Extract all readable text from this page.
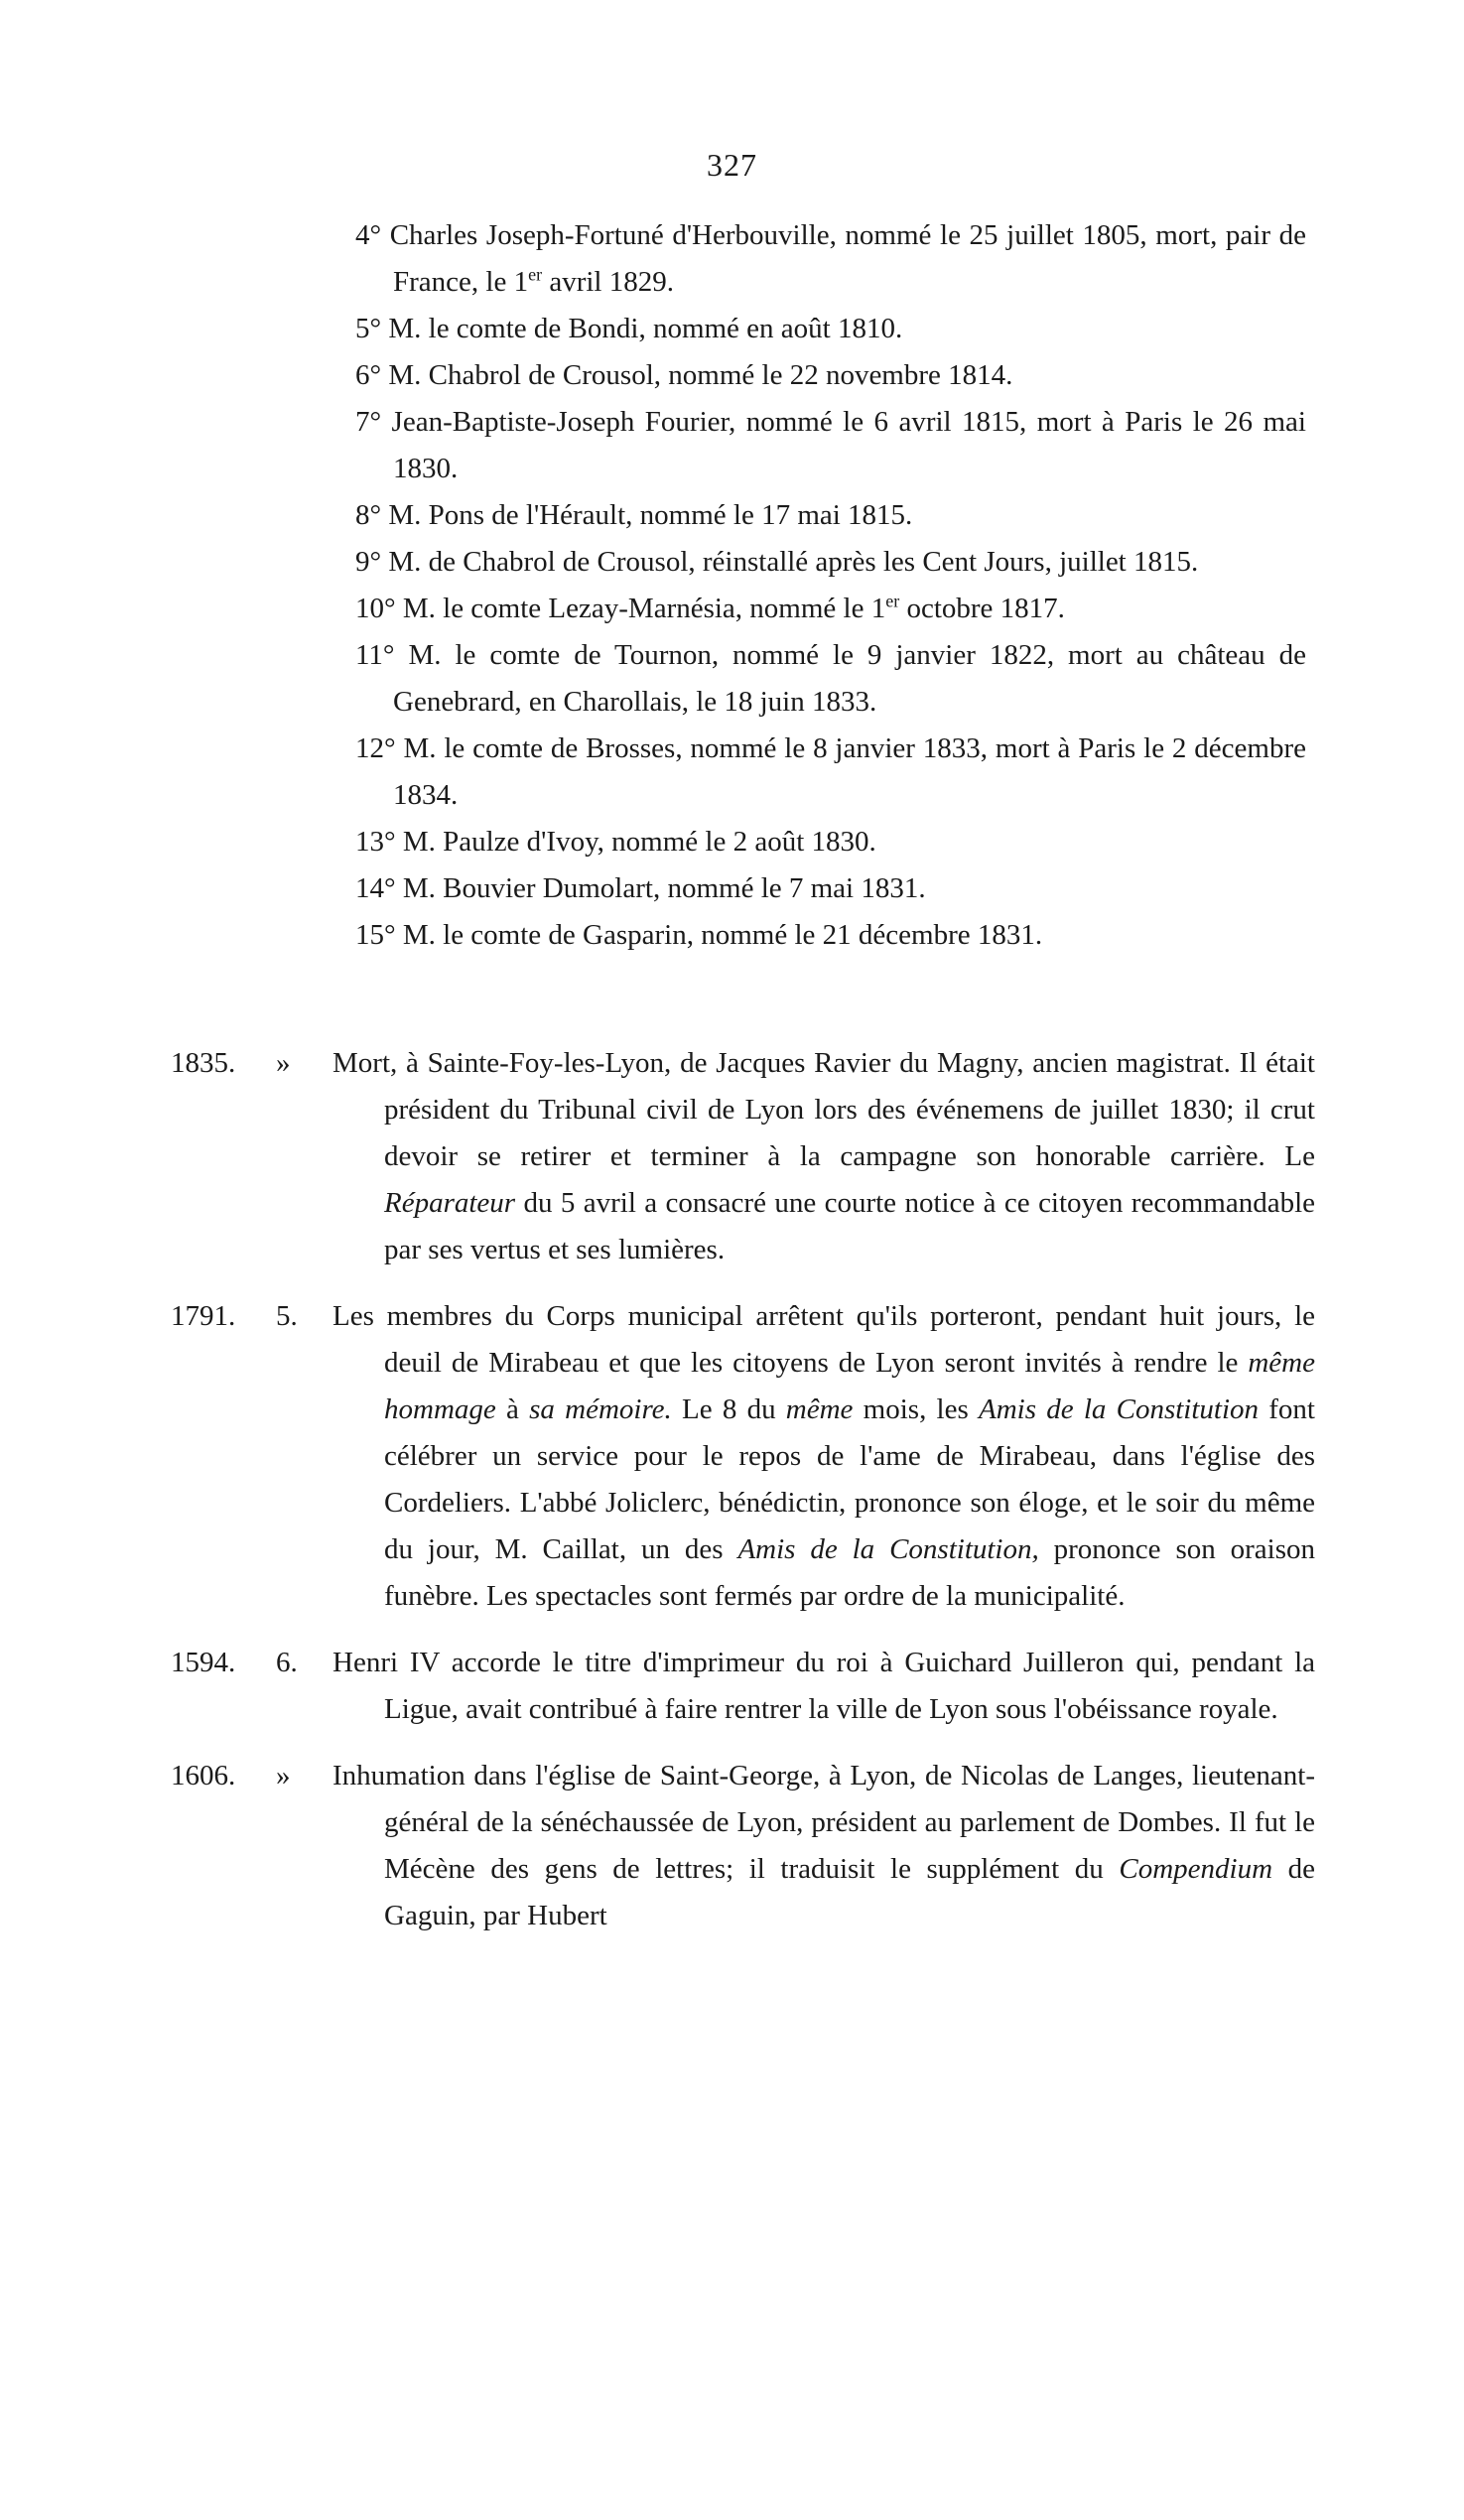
327
4° Charles Joseph-Fortuné d'Herbouville, nommé le 25 juillet 1805, mort, pair de France, le 1er avril 1829.
5° M. le comte de Bondi, nommé en août 1810.
6° M. Chabrol de Crousol, nommé le 22 novembre 1814.
7° Jean-Baptiste-Joseph Fourier, nommé le 6 avril 1815, mort à Paris le 26 mai 1830.
8° M. Pons de l'Hérault, nommé le 17 mai 1815.
9° M. de Chabrol de Crousol, réinstallé après les Cent Jours, juillet 1815.
10° M. le comte Lezay-Marnésia, nommé le 1er octobre 1817.
11° M. le comte de Tournon, nommé le 9 janvier 1822, mort au château de Genebrard, en Charollais, le 18 juin 1833.
12° M. le comte de Brosses, nommé le 8 janvier 1833, mort à Paris le 2 décembre 1834.
13° M. Paulze d'Ivoy, nommé le 2 août 1830.
14° M. Bouvier Dumolart, nommé le 7 mai 1831.
15° M. le comte de Gasparin, nommé le 21 décembre 1831.
1835.	»	Mort, à Sainte-Foy-les-Lyon, de Jacques Ravier du Magny, ancien magistrat. Il était président du Tribunal civil de Lyon lors des événemens de juillet 1830; il crut devoir se retirer et terminer à la campagne son honorable carrière. Le Réparateur du 5 avril a consacré une courte notice à ce citoyen recommandable par ses vertus et ses lumières.
1791.	5.	Les membres du Corps municipal arrêtent qu'ils porteront, pendant huit jours, le deuil de Mirabeau et que les citoyens de Lyon seront invités à rendre le même hommage à sa mémoire. Le 8 du même mois, les Amis de la Constitution font célébrer un service pour le repos de l'ame de Mirabeau, dans l'église des Cordeliers. L'abbé Joliclerc, bénédictin, prononce son éloge, et le soir du même du jour, M. Caillat, un des Amis de la Constitution, prononce son oraison funèbre. Les spectacles sont fermés par ordre de la municipalité.
1594.	6.	Henri IV accorde le titre d'imprimeur du roi à Guichard Juilleron qui, pendant la Ligue, avait contribué à faire rentrer la ville de Lyon sous l'obéissance royale.
1606.	»	Inhumation dans l'église de Saint-George, à Lyon, de Nicolas de Langes, lieutenant-général de la sénéchaussée de Lyon, président au parlement de Dombes. Il fut le Mécène des gens de lettres; il traduisit le supplément du Compendium de Gaguin, par Hubert
